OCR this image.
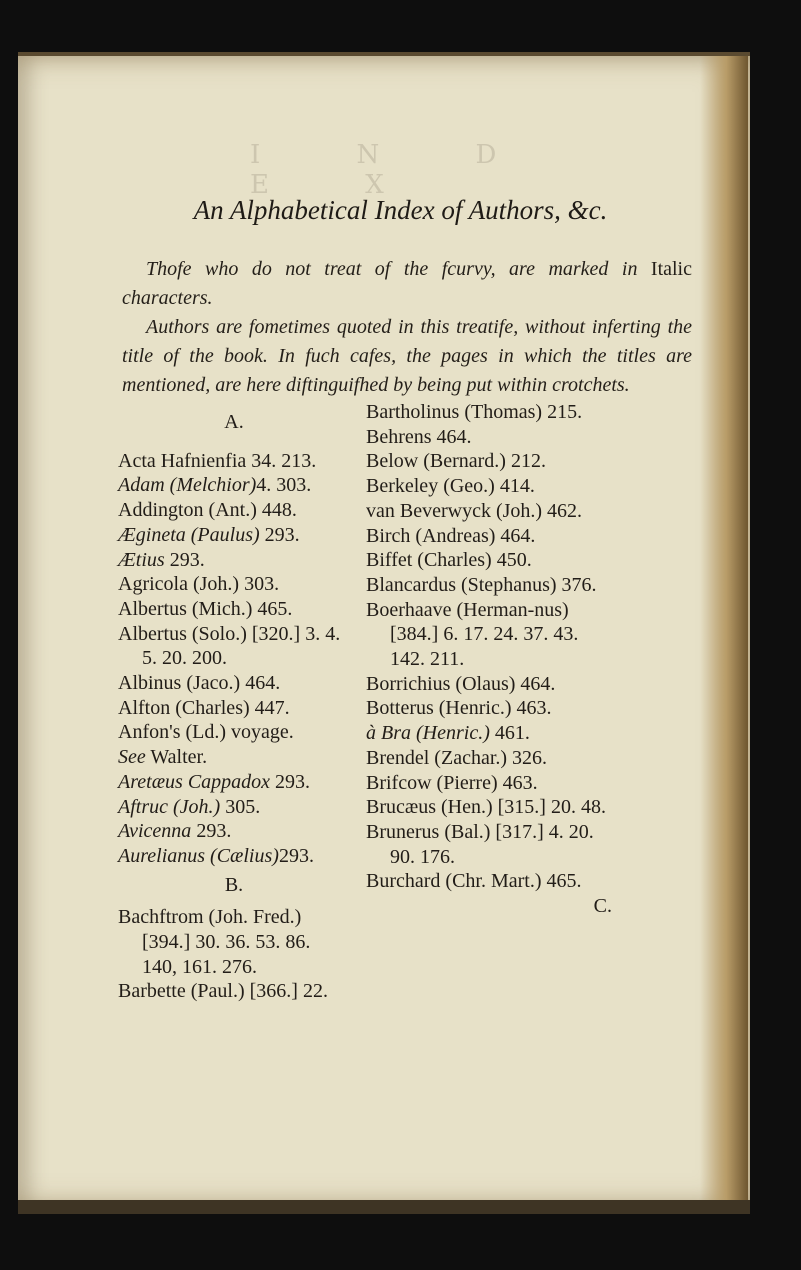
I N D E X
An Alphabetical Index of Authors, &c.

Thofe who do not treat of the fcurvy, are marked in Italic characters.

Authors are fometimes quoted in this treatife, without inferting the title of the book. In fuch cafes, the pages in which the titles are mentioned, are here diftinguifhed by being put within crotchets.

A.

Acta Hafnienfia 34. 213.

Adam (Melchior)4. 303.

Addington (Ant.) 448.

Ægineta (Paulus) 293.

Ætius 293.

Agricola (Joh.) 303.

Albertus (Mich.) 465.

Albertus (Solo.) [320.] 3. 4. 5. 20. 200.

Albinus (Jaco.) 464.

Alfton (Charles) 447.

Anfon's (Ld.) voyage.

See Walter.

Aretæus Cappadox 293.

Aftruc (Joh.) 305.

Avicenna 293.

Aurelianus (Cælius)293.

B.

Bachftrom (Joh. Fred.) [394.] 30. 36. 53. 86. 140, 161. 276.

Barbette (Paul.) [366.] 22.

Bartholinus (Thomas) 215.

Behrens 464.

Below (Bernard.) 212.

Berkeley (Geo.) 414.

van Beverwyck (Joh.) 462.

Birch (Andreas) 464.

Biffet (Charles) 450.

Blancardus (Stephanus) 376.

Boerhaave (Herman-nus) [384.] 6. 17. 24. 37. 43. 142. 211.

Borrichius (Olaus) 464.

Botterus (Henric.) 463.

à Bra (Henric.) 461.

Brendel (Zachar.) 326.

Brifcow (Pierre) 463.

Brucæus (Hen.) [315.] 20. 48.

Brunerus (Bal.) [317.] 4. 20. 90. 176.

Burchard (Chr. Mart.) 465.

C.
